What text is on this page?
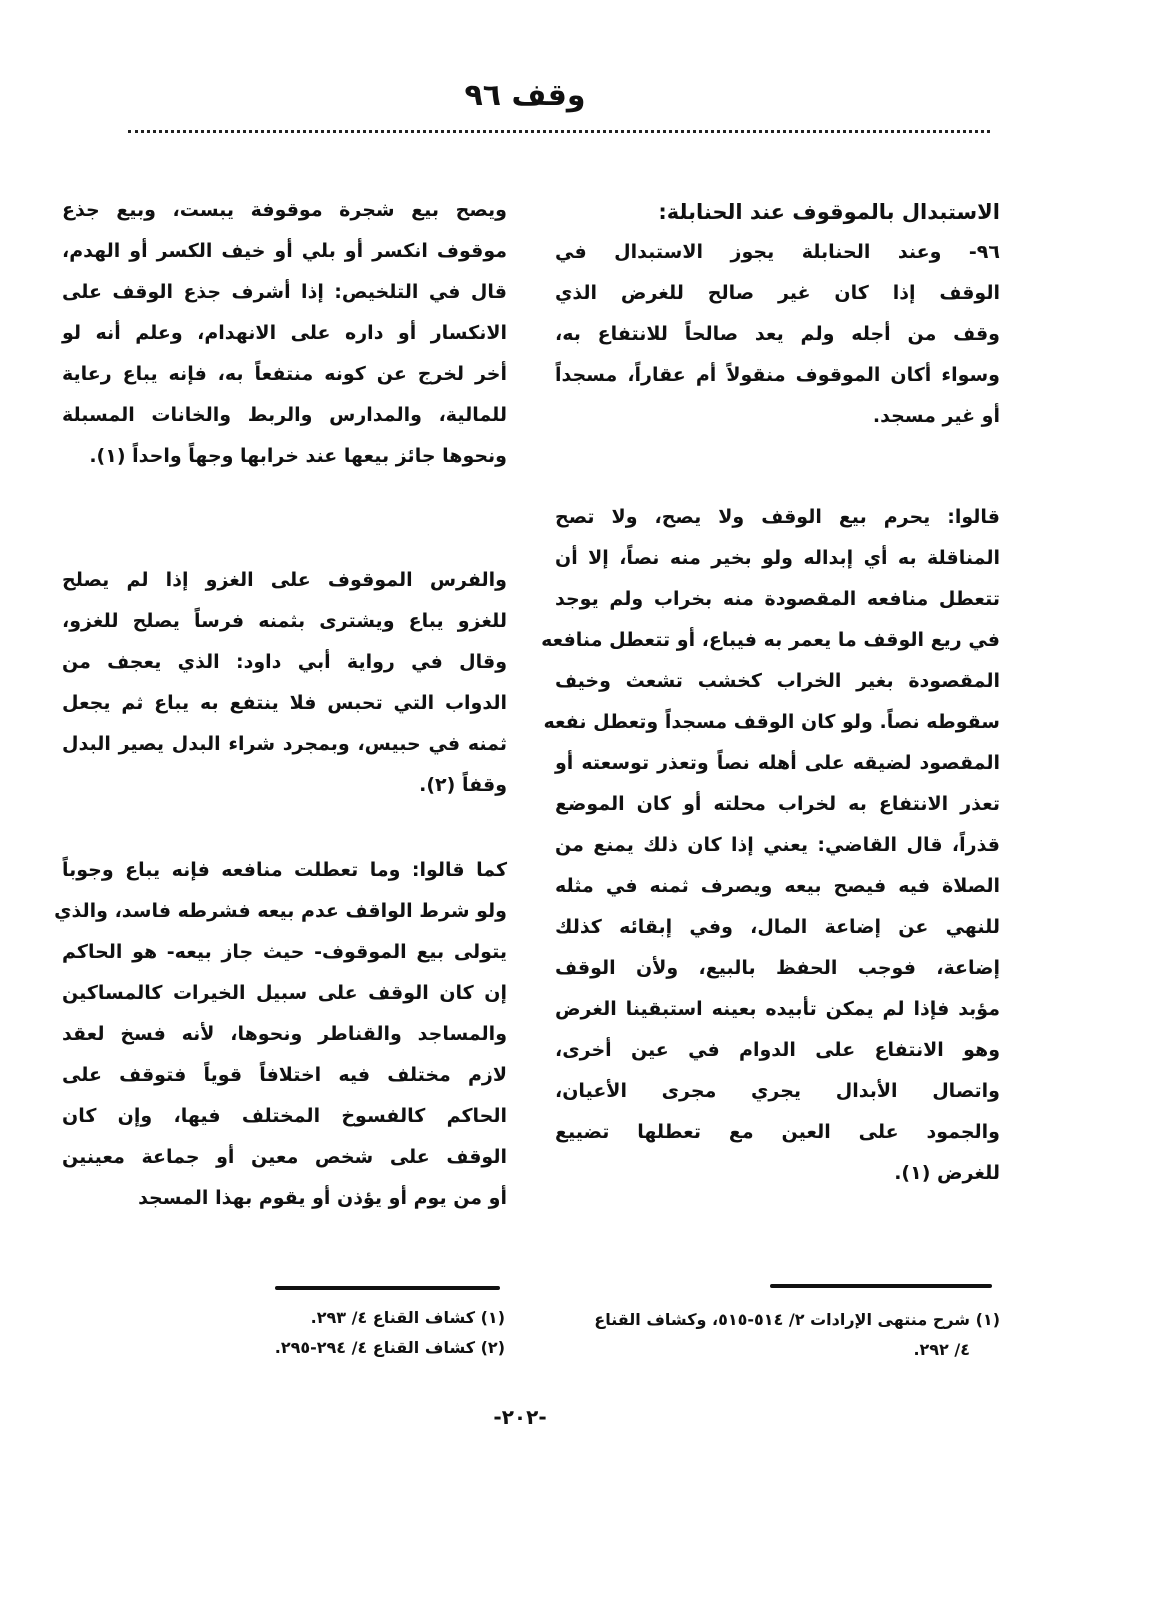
وقف ٩٦
الاستبدال بالموقوف عند الحنابلة:
٩٦- وعند الحنابلة يجوز الاستبدال في
الوقف إذا كان غير صالح للغرض الذي
وقف من أجله ولم يعد صالحاً للانتفاع به،
وسواء أكان الموقوف منقولاً أم عقاراً، مسجداً
أو غير مسجد.
قالوا: يحرم بيع الوقف ولا يصح، ولا تصح
المناقلة به أي إبداله ولو بخير منه نصاً، إلا أن
تتعطل منافعه المقصودة منه بخراب ولم يوجد
في ريع الوقف ما يعمر به فيباع، أو تتعطل منافعه
المقصودة بغير الخراب كخشب تشعث وخيف
سقوطه نصاً. ولو كان الوقف مسجداً وتعطل نفعه
المقصود لضيقه على أهله نصاً وتعذر توسعته أو
تعذر الانتفاع به لخراب محلته أو كان الموضع
قذراً، قال القاضي: يعني إذا كان ذلك يمنع من
الصلاة فيه فيصح بيعه ويصرف ثمنه في مثله
للنهي عن إضاعة المال، وفي إبقائه كذلك
إضاعة، فوجب الحفظ بالبيع، ولأن الوقف
مؤبد فإذا لم يمكن تأبيده بعينه استبقينا الغرض
وهو الانتفاع على الدوام في عين أخرى،
واتصال الأبدال يجري مجرى الأعيان،
والجمود على العين مع تعطلها تضييع
للغرض (١).
ويصح بيع شجرة موقوفة يبست، وبيع جذع
موقوف انكسر أو بلي أو خيف الكسر أو الهدم،
قال في التلخيص: إذا أشرف جذع الوقف على
الانكسار أو داره على الانهدام، وعلم أنه لو
أخر لخرج عن كونه منتفعاً به، فإنه يباع رعاية
للمالية، والمدارس والربط والخانات المسبلة
ونحوها جائز بيعها عند خرابها وجهاً واحداً (١).
والفرس الموقوف على الغزو إذا لم يصلح
للغزو يباع ويشترى بثمنه فرساً يصلح للغزو،
وقال في رواية أبي داود: الذي يعجف من
الدواب التي تحبس فلا ينتفع به يباع ثم يجعل
ثمنه في حبيس، وبمجرد شراء البدل يصير البدل
وقفاً (٢).
كما قالوا: وما تعطلت منافعه فإنه يباع وجوباً
ولو شرط الواقف عدم بيعه فشرطه فاسد، والذي
يتولى بيع الموقوف- حيث جاز بيعه- هو الحاكم
إن كان الوقف على سبيل الخيرات كالمساكين
والمساجد والقناطر ونحوها، لأنه فسخ لعقد
لازم مختلف فيه اختلافاً قوياً فتوقف على
الحاكم كالفسوخ المختلف فيها، وإن كان
الوقف على شخص معين أو جماعة معينين
أو من يوم أو يؤذن أو يقوم بهذا المسجد
(١) كشاف القناع ٤/ ٢٩٣.
(٢) كشاف القناع ٤/ ٢٩٤-٢٩٥.
(١) شرح منتهى الإرادات ٢/ ٥١٤-٥١٥، وكشاف القناع
٤/ ٢٩٢.
-٢٠٢-
